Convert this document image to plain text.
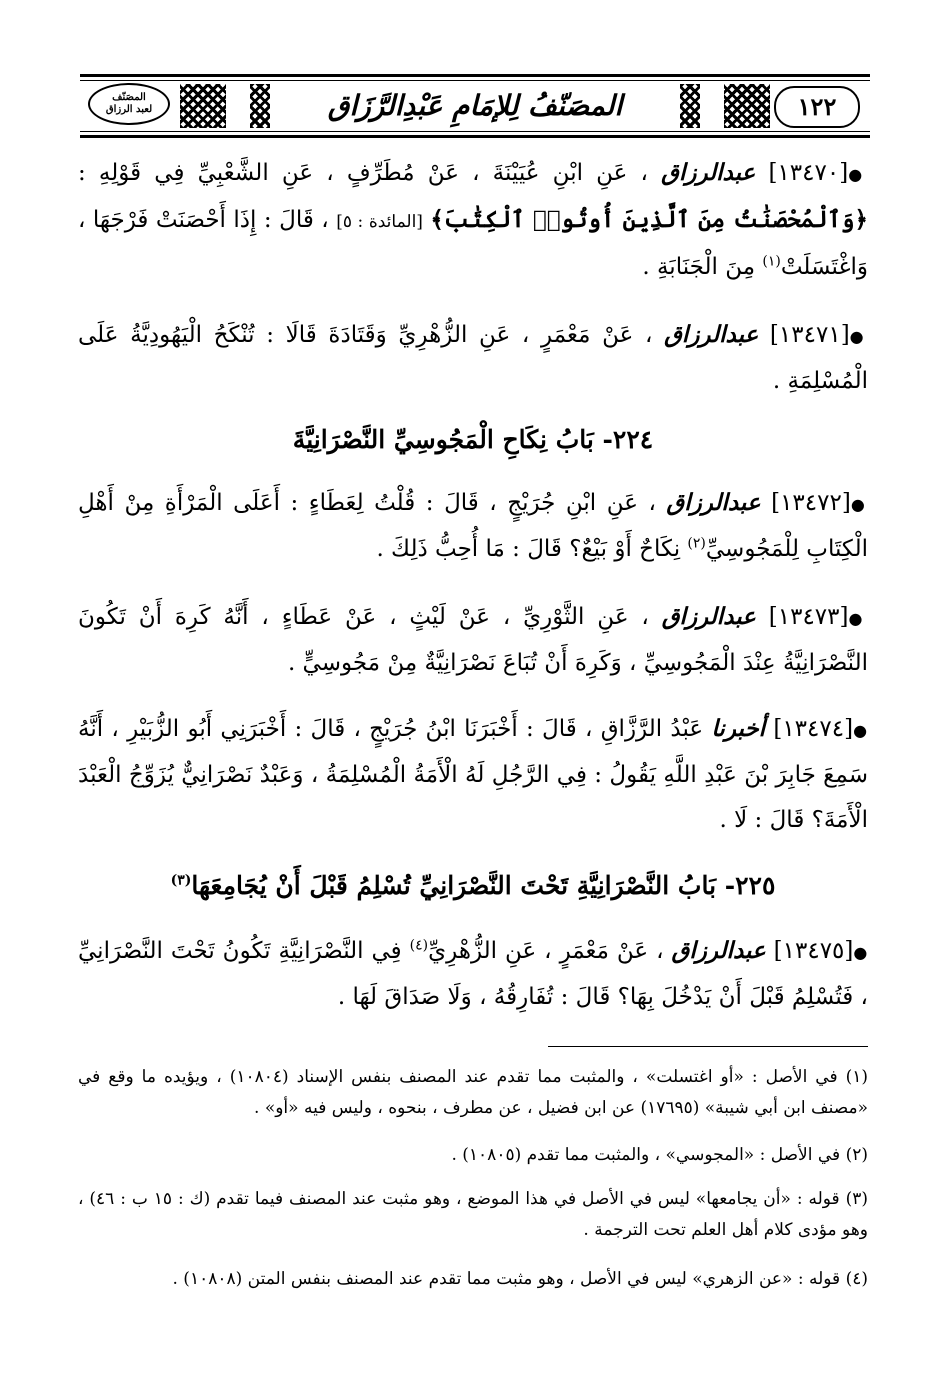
١٢٢
المصَنّفُ لِلإمَامِ عَبْدِالرَّزَاق
المصَنّف
لعبد الرزاق
●[١٣٤٧٠] عبدالرزاق ، عَنِ ابْنِ عُيَيْنَةَ ، عَنْ مُطَرِّفٍ ، عَنِ الشَّعْبِيِّ فِي قَوْلِهِ : ﴿وَٱلْمُحْصَنَٰتُ مِنَ ٱلَّذِينَ أُوتُوا۟ ٱلْكِتَٰبَ﴾ [المائدة : ٥] ، قَالَ : إِذَا أَحْصَنَتْ فَرْجَهَا ، وَاغْتَسَلَتْ$^{(١)}$ مِنَ الْجَنَابَةِ .
●[١٣٤٧١] عبدالرزاق ، عَنْ مَعْمَرٍ ، عَنِ الزُّهْرِيِّ وَقَتَادَةَ قَالَا : تُنْكَحُ الْيَهُودِيَّةُ عَلَى الْمُسْلِمَةِ .
٢٢٤- بَابُ نِكَاحِ الْمَجُوسِيِّ النَّصْرَانِيَّةَ
●[١٣٤٧٢] عبدالرزاق ، عَنِ ابْنِ جُرَيْجٍ ، قَالَ : قُلْتُ لِعَطَاءٍ : أَعَلَى الْمَرْأَةِ مِنْ أَهْلِ الْكِتَابِ لِلْمَجُوسِيِّ$^{(٢)}$ نِكَاحٌ أَوْ بَيْعٌ؟ قَالَ : مَا أُحِبُّ ذَلِكَ .
●[١٣٤٧٣] عبدالرزاق ، عَنِ الثَّوْرِيِّ ، عَنْ لَيْثٍ ، عَنْ عَطَاءٍ ، أَنَّهُ كَرِهَ أَنْ تَكُونَ النَّصْرَانِيَّةُ عِنْدَ الْمَجُوسِيِّ ، وَكَرِهَ أَنْ تُبَاعَ نَصْرَانِيَّةٌ مِنْ مَجُوسِيٍّ .
●[١٣٤٧٤] أخبرنا عَبْدُ الرَّزَّاقِ ، قَالَ : أَخْبَرَنَا ابْنُ جُرَيْجٍ ، قَالَ : أَخْبَرَنِي أَبُو الزُّبَيْرِ ، أَنَّهُ سَمِعَ جَابِرَ بْنَ عَبْدِ اللَّهِ يَقُولُ : فِي الرَّجُلِ لَهُ الْأَمَةُ الْمُسْلِمَةُ ، وَعَبْدٌ نَصْرَانِيٌّ يُزَوِّجُ الْعَبْدَ الْأَمَةَ؟ قَالَ : لَا .
٢٢٥- بَابُ النَّصْرَانِيَّةِ تَحْتَ النَّصْرَانِيِّ تُسْلِمُ قَبْلَ أَنْ يُجَامِعَهَا$^{(٣)}$
●[١٣٤٧٥] عبدالرزاق ، عَنْ مَعْمَرٍ ، عَنِ الزُّهْرِيِّ$^{(٤)}$ فِي النَّصْرَانِيَّةِ تَكُونُ تَحْتَ النَّصْرَانِيِّ ، فَتُسْلِمُ قَبْلَ أَنْ يَدْخُلَ بِهَا؟ قَالَ : تُفَارِقُهُ ، وَلَا صَدَاقَ لَهَا .
(١) في الأصل : «أو اغتسلت» ، والمثبت مما تقدم عند المصنف بنفس الإسناد (١٠٨٠٤) ، ويؤيده ما وقع في «مصنف ابن أبي شيبة» (١٧٦٩٥) عن ابن فضيل ، عن مطرف ، بنحوه ، وليس فيه «أو» .
(٢) في الأصل : «المجوسي» ، والمثبت مما تقدم (١٠٨٠٥) .
(٣) قوله : «أن يجامعها» ليس في الأصل في هذا الموضع ، وهو مثبت عند المصنف فيما تقدم (ك : ١٥ ب : ٤٦) ، وهو مؤدى كلام أهل العلم تحت الترجمة .
(٤) قوله : «عن الزهري» ليس في الأصل ، وهو مثبت مما تقدم عند المصنف بنفس المتن (١٠٨٠٨) .
